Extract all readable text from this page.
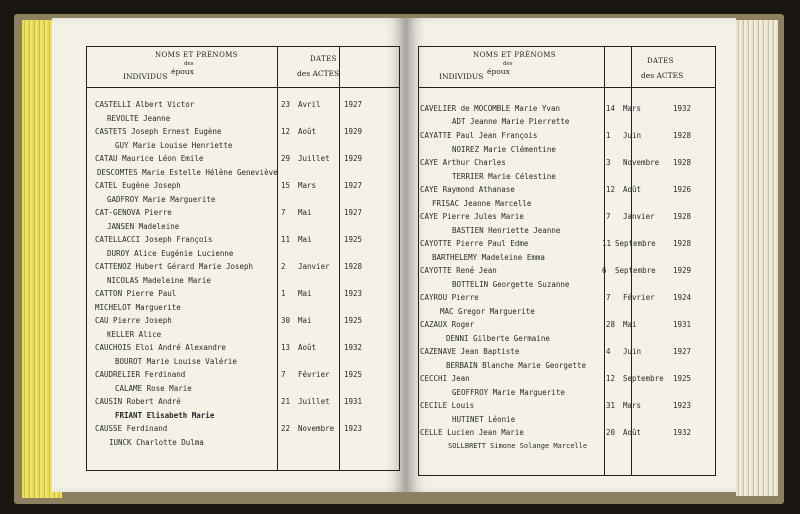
NOMS ET PRÉNOMS
des
INDIVIDUS
époux
DATES
des ACTES
CASTELLI Albert Victor
REVOLTE Jeanne
23 Avril	1927
CASTETS Joseph Ernest Eugène
GUY Marie Louise Henriette
12 Août	1929
CATAU Maurice Léon Emile
DESCOMTES Marie Estelle Hélène Geneviève
29 Juillet 1929
CATEL Eugène Joseph
GADFROY Marie Marguerite
15 Mars	1927
CAT-GENOVA Pierre
JANSEN Madeleine
7 Mai	1927
CATELLACCI Joseph François
DUROY Alice Eugénie Lucienne
11 Mai	1925
CATTENOZ Hubert Gérard Marie Joseph
NICOLAS Madeleine Marie
2 Janvier 1928
CATTON Pierre Paul
MICHELOT Marguerite
1 Mai	1923
CAU Pierre Joseph
KELLER Alice
30 Mai	1925
CAUCHOIS Eloi André Alexandre
BOUROT Marie Louise Valérie
13 Août	1932
CAUDRELIER Ferdinand
CALAME Rose Marie
7 Février 1925
CAUSIN Robert André
FRIANT Elisabeth Marie
21 Juillet 1931
CAUSSE Ferdinand
IUNCK Charlotte Dulma
22 Novembre 1923
NOMS ET PRÉNOMS
des
INDIVIDUS
époux
DATES
des ACTES
CAVELIER de MOCOMBLE Marie Yvan
ADT Jeanne Marie Pierrette
14 Mars	1932
CAYATTE Paul Jean François
NOIREZ Marie Clémentine
1 Juin	1928
CAYE Arthur Charles
TERRIER Marie Célestine
3 Novembre 1928
CAYE Raymond Athanase
FRISAC Jeanne Marcelle
12 Août	1926
CAYE Pierre Jules Marie
BASTIEN Henriette Jeanne
7 Janvier 1928
CAYOTTE Pierre Paul Edme
BARTHELEMY Madeleine Emma
11 Septembre 1928
CAYOTTE René Jean
BOTTELIN Georgette Suzanne
6 Septembre 1929
CAYROU Pierre
MAC Gregor Marguerite
7 Février 1924
CAZAUX Roger
DENNI Gilberte Germaine
28 Mai	1931
CAZENAVE Jean Baptiste
BERBAIN Blanche Marie Georgette
4 Juin	1927
CECCHI Jean
GEOFFROY Marie Marguerite
12 Septembre 1925
CECILE Louis
HUTINET Léonie
31 Mars	1923
CELLE Lucien Jean Marie
SOLLBRETT Simone Solange Marcelle
20 Août	1932
